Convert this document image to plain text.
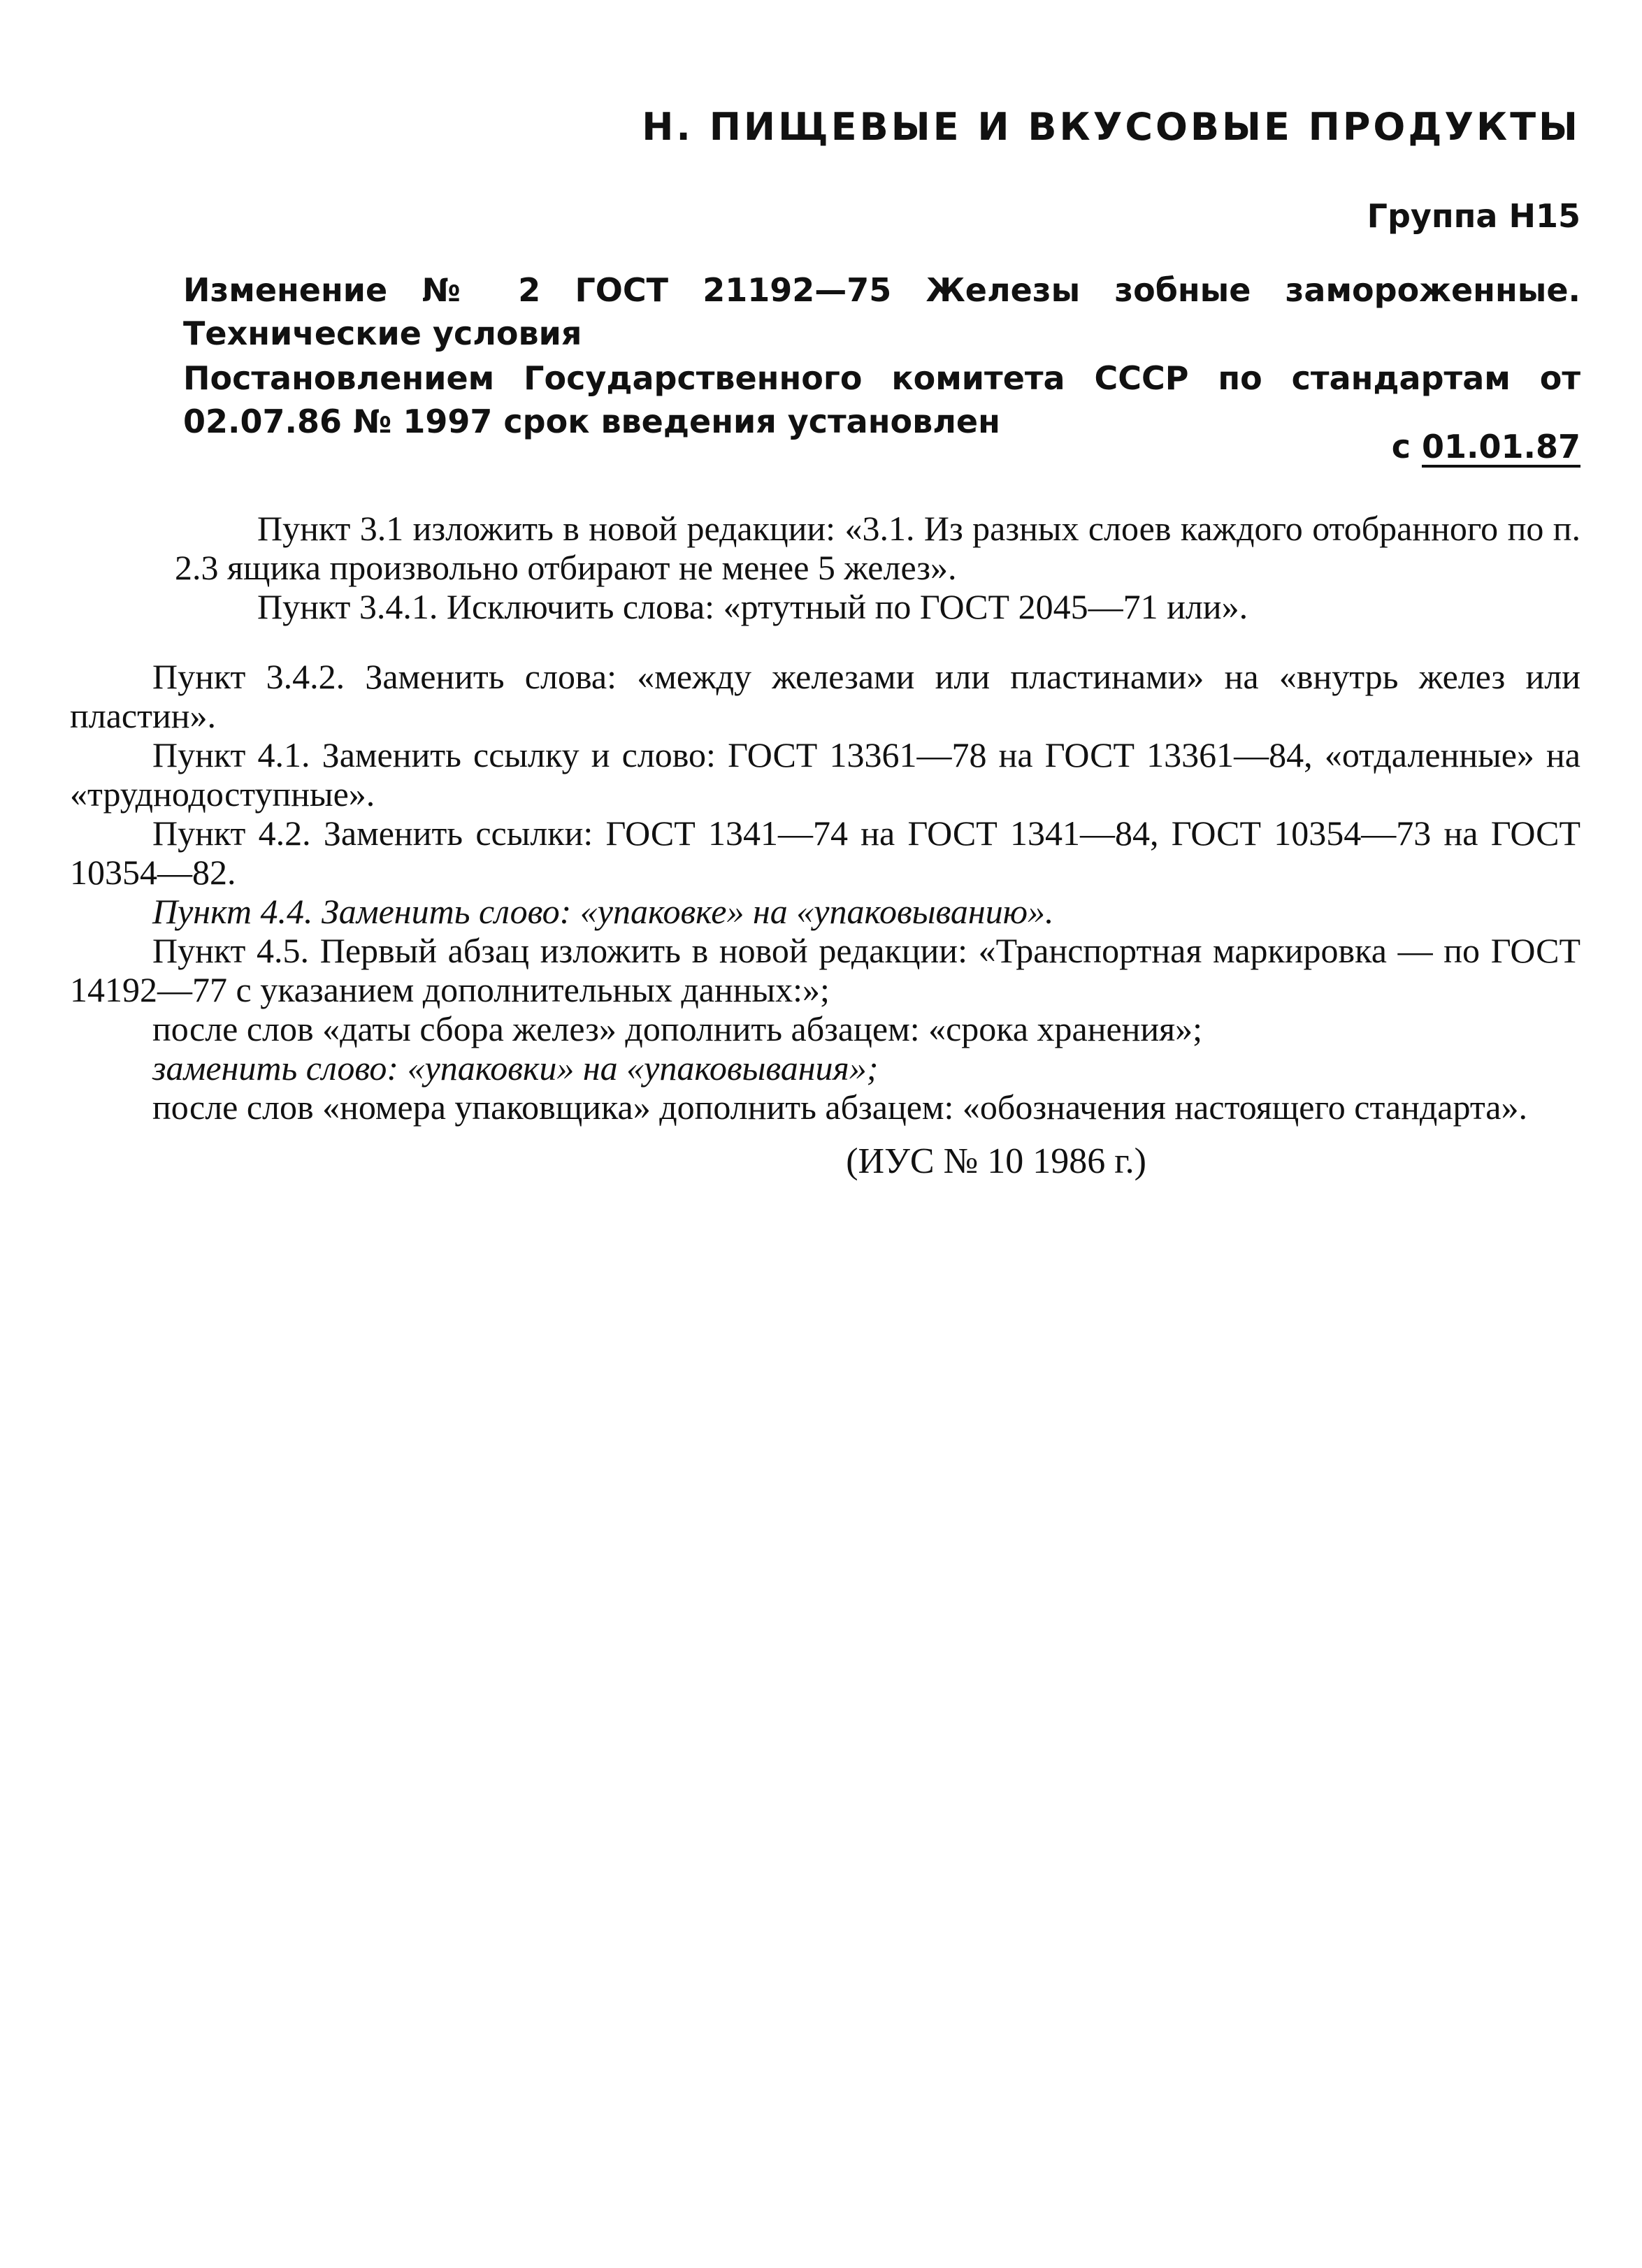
Н. ПИЩЕВЫЕ И ВКУСОВЫЕ ПРОДУКТЫ
Группа Н15

Изменение № 2 ГОСТ 21192—75 Железы зобные замороженные. Технические условия

Постановлением Государственного комитета СССР по стандартам от 02.07.86 № 1997 срок введения установлен

с 01.01.87

Пункт 3.1 изложить в новой редакции: «3.1. Из разных слоев каждого отобранного по п. 2.3 ящика произвольно отбирают не менее 5 желез».

Пункт 3.4.1. Исключить слова: «ртутный по ГОСТ 2045—71 или».

Пункт 3.4.2. Заменить слова: «между железами или пластинами» на «внутрь желез или пластин».

Пункт 4.1. Заменить ссылку и слово: ГОСТ 13361—78 на ГОСТ 13361—84, «отдаленные» на «труднодоступные».

Пункт 4.2. Заменить ссылки: ГОСТ 1341—74 на ГОСТ 1341—84, ГОСТ 10354—73 на ГОСТ 10354—82.

Пункт 4.4. Заменить слово: «упаковке» на «упаковыванию».

Пункт 4.5. Первый абзац изложить в новой редакции: «Транспортная маркировка — по ГОСТ 14192—77 с указанием дополнительных данных:»;

после слов «даты сбора желез» дополнить абзацем: «срока хранения»;

заменить слово: «упаковки» на «упаковывания»;

после слов «номера упаковщика» дополнить абзацем: «обозначения настоящего стандарта».

(ИУС № 10 1986 г.)
